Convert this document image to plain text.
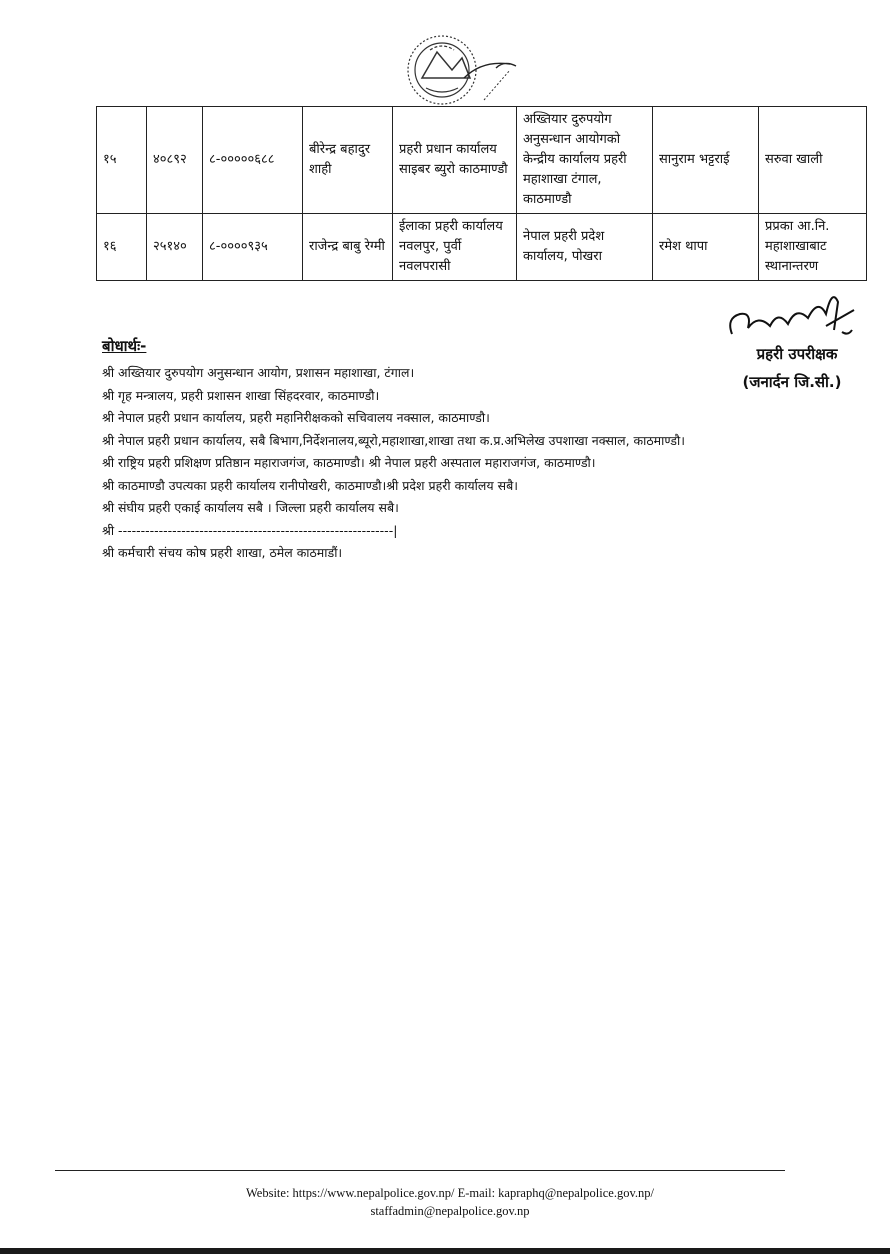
१५	४०८९२	८-०००००६८८	बीरेन्द्र बहादुर शाही	प्रहरी प्रधान कार्यालय साइबर ब्युरो काठमाण्डौ	अख्तियार दुरुपयोग अनुसन्धान आयोगको केन्द्रीय कार्यालय प्रहरी महाशाखा टंगाल, काठमाण्डौ	सानुराम भट्टराई	सरुवा खाली
१६	२५१४०	८-००००९३५	राजेन्द्र बाबु रेग्मी	ईलाका प्रहरी कार्यालय नवलपुर, पुर्वी नवलपरासी	नेपाल प्रहरी प्रदेश कार्यालय, पोखरा	रमेश थापा	प्रप्रका आ.नि. महाशाखाबाट स्थानान्तरण
प्रहरी उपरीक्षक
(जनार्दन जि.सी.)
बोधार्थः-
श्री अख्तियार दुरुपयोग अनुसन्धान आयोग, प्रशासन महाशाखा, टंगाल।
श्री गृह मन्त्रालय, प्रहरी प्रशासन शाखा सिंहदरवार, काठमाण्डौ।
श्री नेपाल प्रहरी प्रधान कार्यालय, प्रहरी महानिरीक्षकको सचिवालय नक्साल, काठमाण्डौ।
श्री नेपाल प्रहरी प्रधान कार्यालय, सबै बिभाग,निर्देशनालय,ब्यूरो,महाशाखा,शाखा तथा क.प्र.अभिलेख उपशाखा नक्साल, काठमाण्डौ।
श्री राष्ट्रिय प्रहरी प्रशिक्षण प्रतिष्ठान महाराजगंज, काठमाण्डौ। श्री नेपाल प्रहरी अस्पताल महाराजगंज, काठमाण्डौ।
श्री काठमाण्डौ उपत्यका प्रहरी कार्यालय रानीपोखरी, काठमाण्डौ।श्री प्रदेश प्रहरी कार्यालय सबै।
श्री संघीय प्रहरी एकाई कार्यालय सबै । जिल्ला प्रहरी कार्यालय सबै।
श्री -------------------------------------------------------------|
श्री कर्मचारी संचय कोष प्रहरी शाखा, ठमेल काठमाडौं।
Website: https://www.nepalpolice.gov.np/ E-mail: kapraphq@nepalpolice.gov.np/
staffadmin@nepalpolice.gov.np
